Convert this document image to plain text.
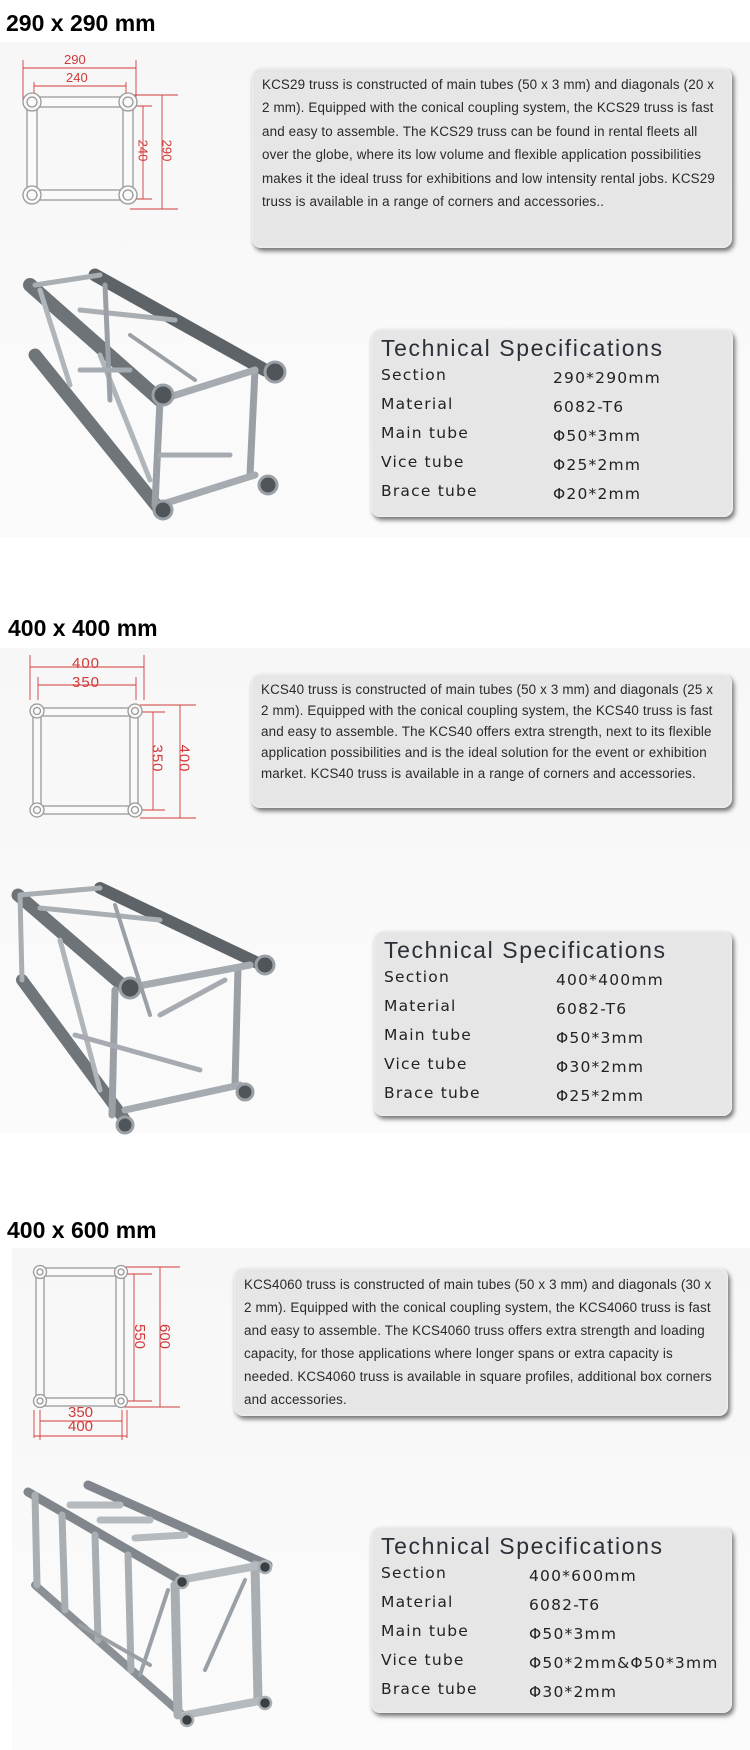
290 x 290 mm
290
240
240 290
KCS29 truss is constructed of main tubes (50 x 3 mm) and diagonals (20 x 2 mm). Equipped with the conical coupling system, the KCS29 truss is fast and easy to assemble. The KCS29 truss can be found in rental fleets all over the globe, where its low volume and flexible application possibilities makes it the ideal truss for exhibitions and low intensity rental jobs. KCS29 truss is available in a range of corners and accessories..
Technical Specifications
Section	290*290mm
Material	6082-T6
Main tube	Φ50*3mm
Vice tube	Φ25*2mm
Brace tube	Φ20*2mm
400 x 400 mm
400
350
350 400
KCS40 truss is constructed of main tubes (50 x 3 mm) and diagonals (25 x 2 mm). Equipped with the conical coupling system, the KCS40 truss is fast and easy to assemble. The KCS40 offers extra strength, next to its flexible application possibilities and is the ideal solution for the event or exhibition market. KCS40 truss is available in a range of corners and accessories.
Technical Specifications
Section	400*400mm
Material	6082-T6
Main tube	Φ50*3mm
Vice tube	Φ30*2mm
Brace tube	Φ25*2mm
400 x 600 mm
550 600
350
400
KCS4060 truss is constructed of main tubes (50 x 3 mm) and diagonals (30 x 2 mm). Equipped with the conical coupling system, the KCS4060 truss is fast and easy to assemble. The KCS4060 truss offers extra strength and loading capacity, for those applications where longer spans or extra capacity is needed. KCS4060 truss is available in square profiles, additional box corners and accessories.
Technical Specifications
Section	400*600mm
Material	6082-T6
Main tube	Φ50*3mm
Vice tube	Φ50*2mm&Φ50*3mm
Brace tube	Φ30*2mm
